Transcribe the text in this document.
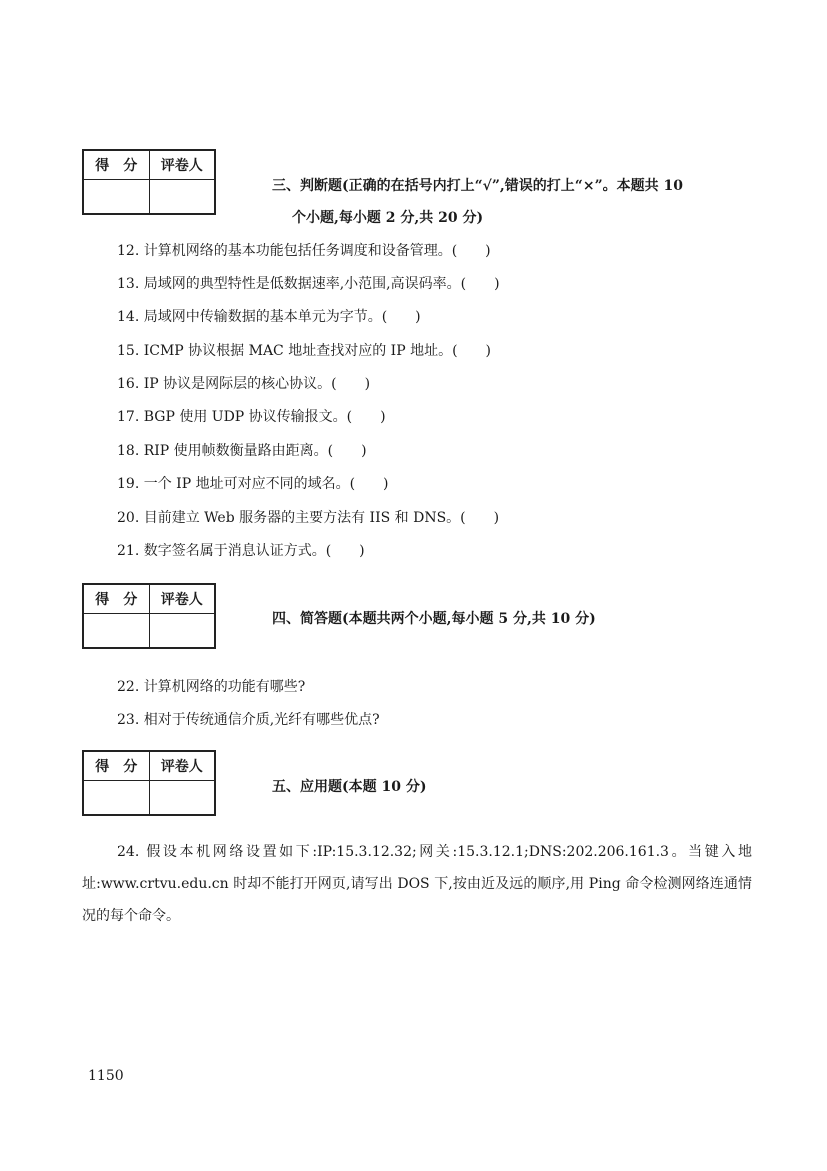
得　分	评卷人

三、判断题(正确的在括号内打上“√”,错误的打上“×”。本题共 10
个小题,每小题 2 分,共 20 分)
12. 计算机网络的基本功能包括任务调度和设备管理。(　　)
13. 局域网的典型特性是低数据速率,小范围,高误码率。(　　)
14. 局域网中传输数据的基本单元为字节。(　　)
15. ICMP 协议根据 MAC 地址查找对应的 IP 地址。(　　)
16. IP 协议是网际层的核心协议。(　　)
17. BGP 使用 UDP 协议传输报文。(　　)
18. RIP 使用帧数衡量路由距离。(　　)
19. 一个 IP 地址可对应不同的域名。(　　)
20. 目前建立 Web 服务器的主要方法有 IIS 和 DNS。(　　)
21. 数字签名属于消息认证方式。(　　)
得　分	评卷人

四、简答题(本题共两个小题,每小题 5 分,共 10 分)
22. 计算机网络的功能有哪些?
23. 相对于传统通信介质,光纤有哪些优点?
得　分	评卷人

五、应用题(本题 10 分)
24. 假设本机网络设置如下:IP:15.3.12.32;网关:15.3.12.1;DNS:202.206.161.3。当键入地址:www.crtvu.edu.cn 时却不能打开网页,请写出 DOS 下,按由近及远的顺序,用 Ping 命令检测网络连通情况的每个命令。
1150
